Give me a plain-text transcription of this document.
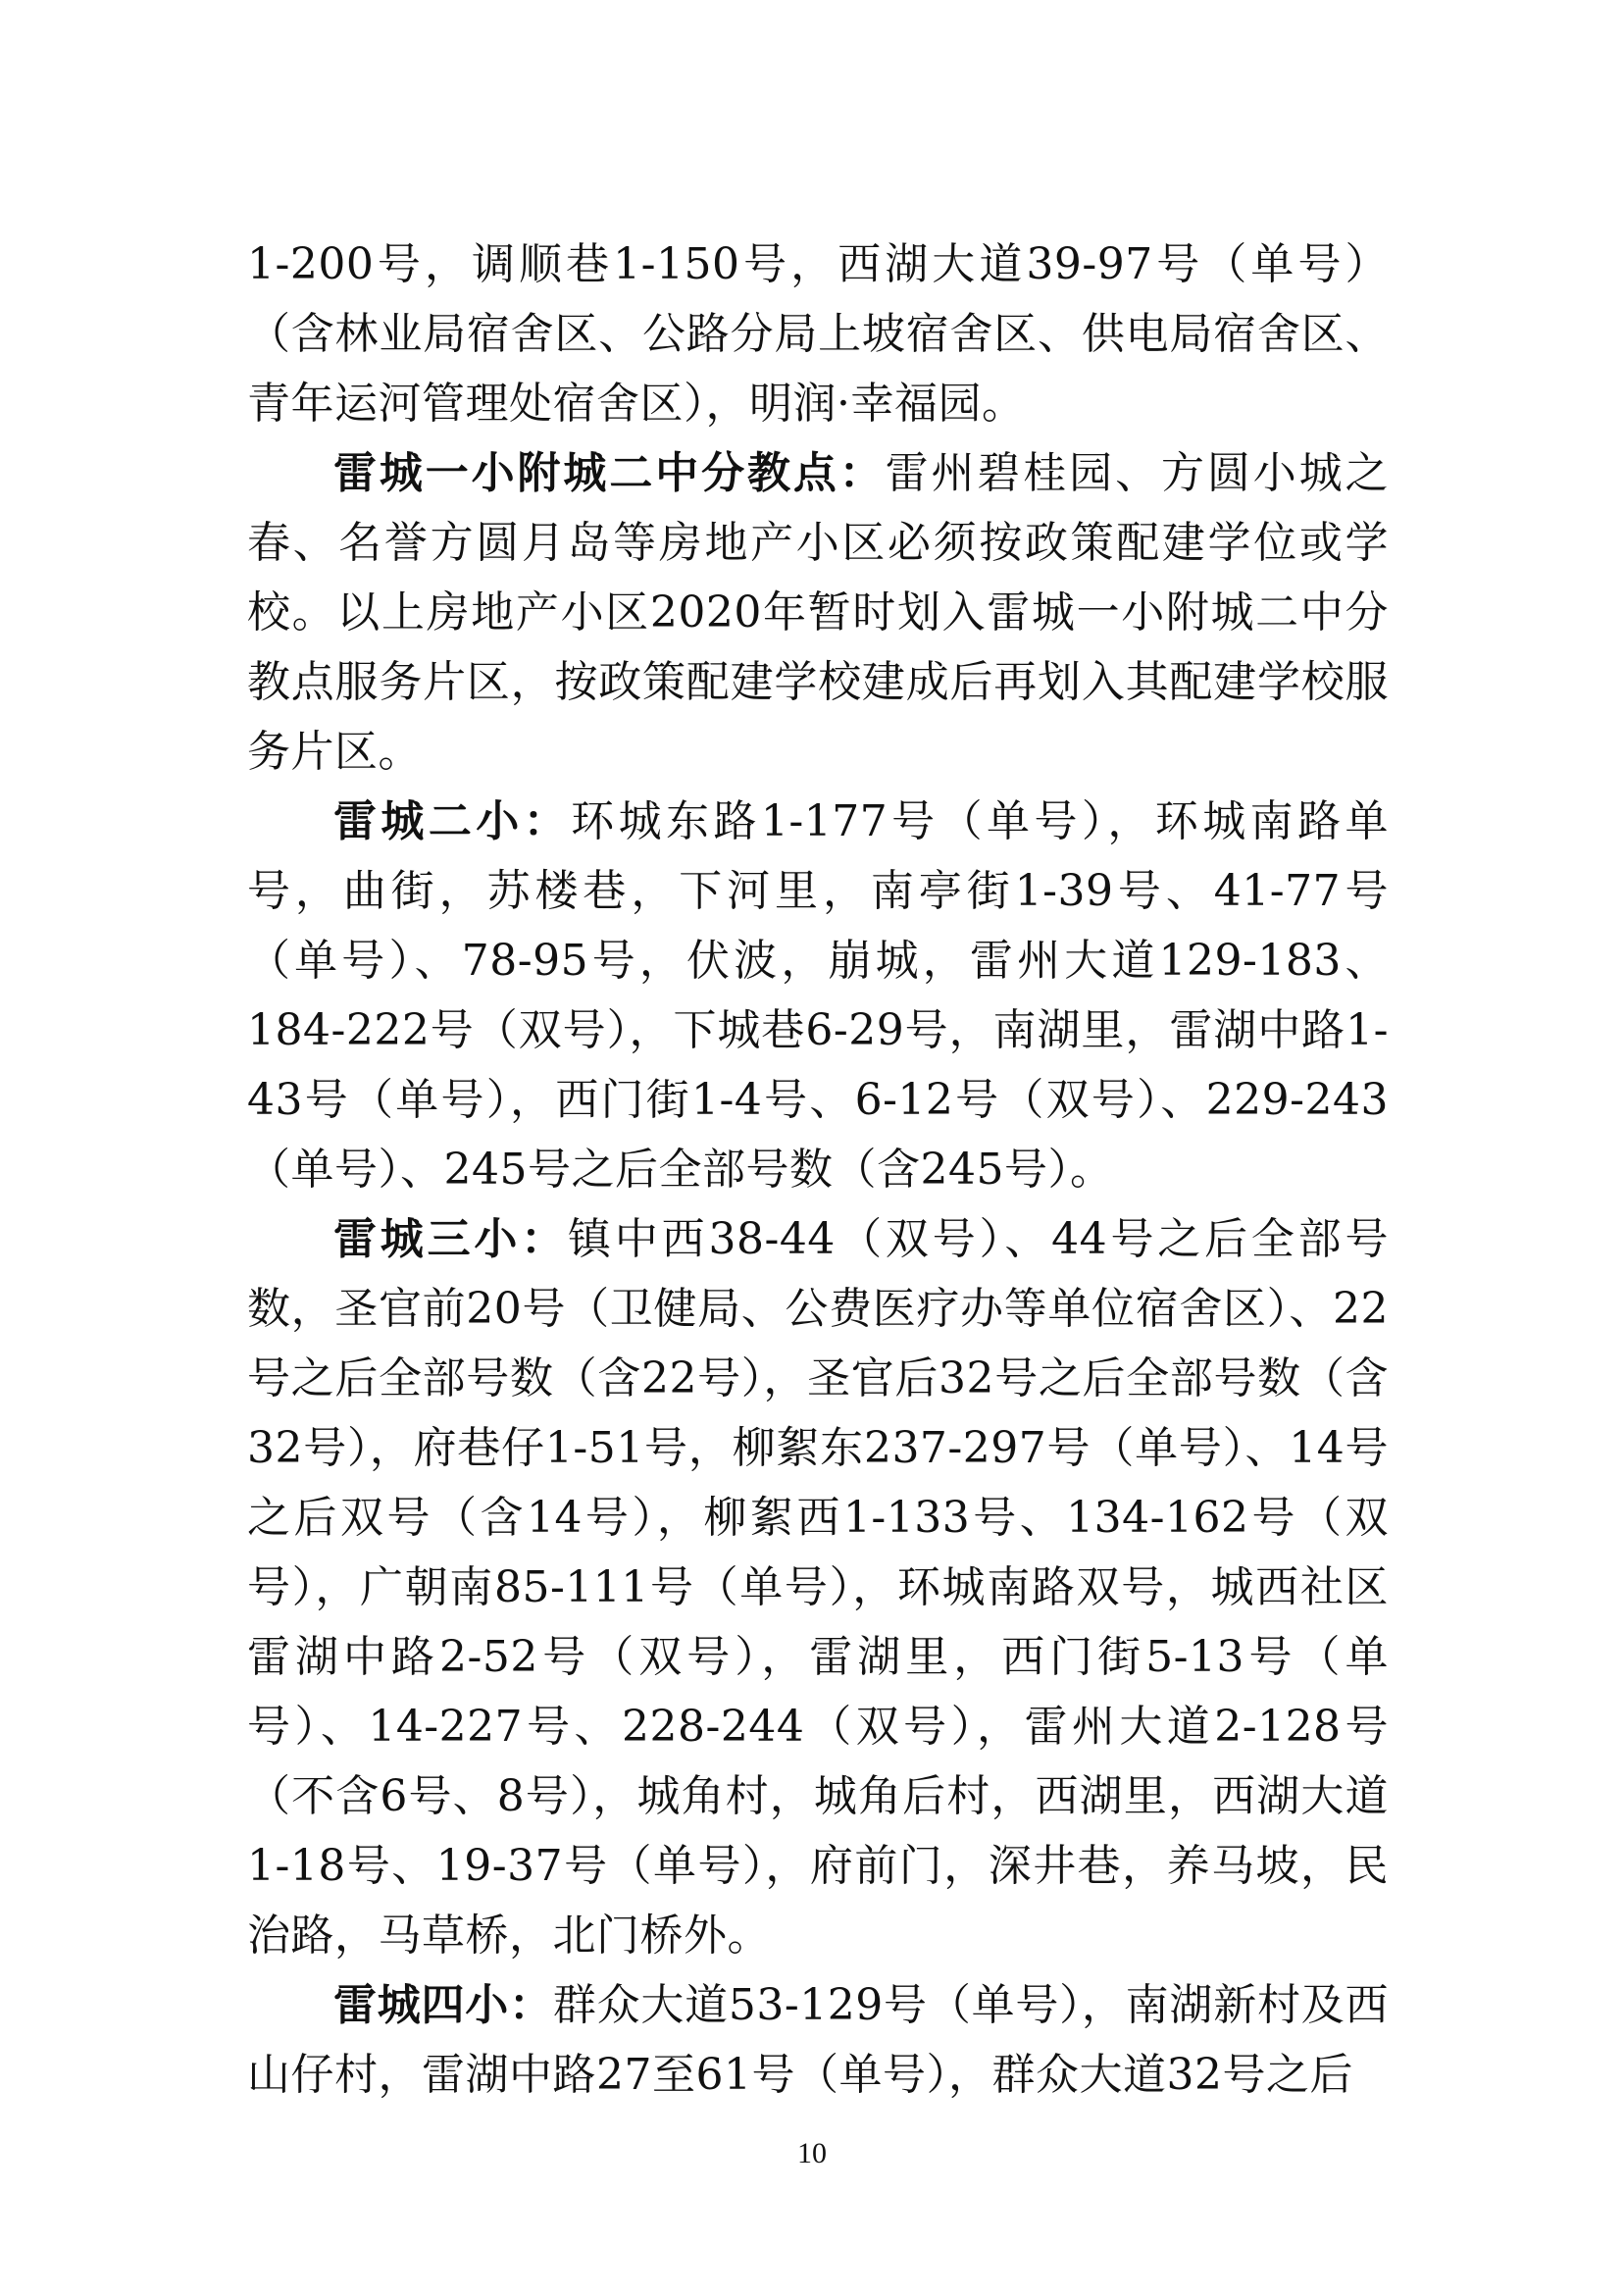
1-200号，调顺巷1-150号，西湖大道39-97号（单号）（含林业局宿舍区、公路分局上坡宿舍区、供电局宿舍区、青年运河管理处宿舍区），明润·幸福园。

雷城一小附城二中分教点：雷州碧桂园、方圆小城之春、名誉方圆月岛等房地产小区必须按政策配建学位或学校。以上房地产小区2020年暂时划入雷城一小附城二中分教点服务片区，按政策配建学校建成后再划入其配建学校服务片区。

雷城二小：环城东路1-177号（单号），环城南路单号，曲街，苏楼巷，下河里，南亭街1-39号、41-77号（单号）、78-95号，伏波，崩城，雷州大道129-183、184-222号（双号），下城巷6-29号，南湖里，雷湖中路1-43号（单号），西门街1-4号、6-12号（双号）、229-243（单号）、245号之后全部号数（含245号）。

雷城三小：镇中西38-44（双号）、44号之后全部号数，圣官前20号（卫健局、公费医疗办等单位宿舍区）、22号之后全部号数（含22号），圣官后32号之后全部号数（含32号），府巷仔1-51号，柳絮东237-297号（单号）、14号之后双号（含14号），柳絮西1-133号、134-162号（双号），广朝南85-111号（单号），环城南路双号，城西社区雷湖中路2-52号（双号），雷湖里，西门街5-13号（单号）、14-227号、228-244（双号），雷州大道2-128号（不含6号、8号），城角村，城角后村，西湖里，西湖大道1-18号、19-37号（单号），府前门，深井巷，养马坡，民治路，马草桥，北门桥外。

雷城四小：群众大道53-129号（单号），南湖新村及西山仔村，雷湖中路27至61号（单号），群众大道32号之后

10
